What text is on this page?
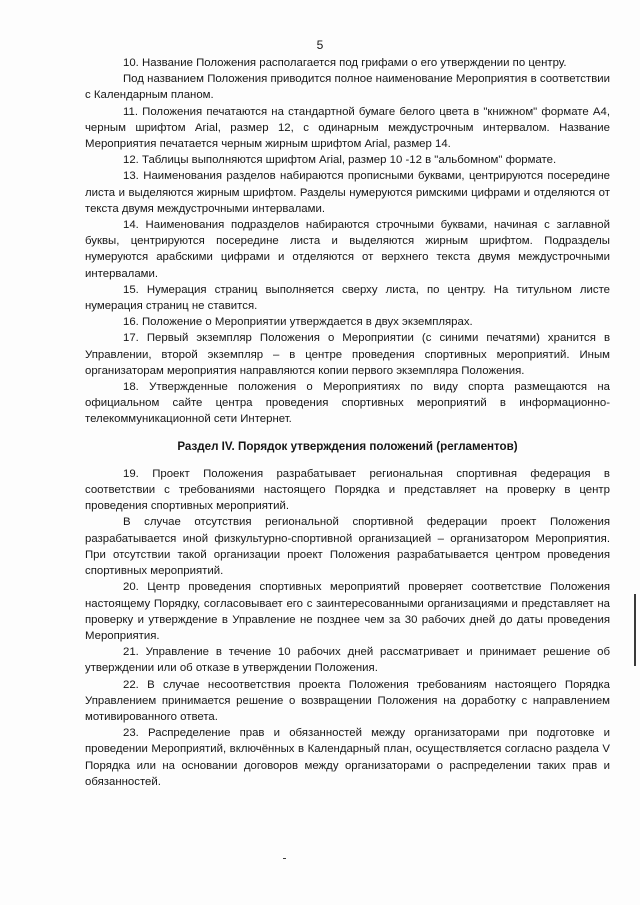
5

10. Название Положения располагается под грифами о его утверждении по центру.

Под названием Положения приводится полное наименование Мероприятия в соответствии с Календарным планом.

11. Положения печатаются на стандартной бумаге белого цвета в "книжном" формате А4, черным шрифтом Arial, размер 12, с одинарным междустрочным интервалом. Название Мероприятия печатается черным жирным шрифтом Arial, размер 14.

12. Таблицы выполняются шрифтом Arial, размер 10 -12 в "альбомном" формате.

13. Наименования разделов набираются прописными буквами, центрируются посередине листа и выделяются жирным шрифтом. Разделы нумеруются римскими цифрами и отделяются от текста двумя междустрочными интервалами.

14. Наименования подразделов набираются строчными буквами, начиная с заглавной буквы, центрируются посередине листа и выделяются жирным шрифтом. Подразделы нумеруются арабскими цифрами и отделяются от верхнего текста двумя междустрочными интервалами.

15. Нумерация страниц выполняется сверху листа, по центру. На титульном листе нумерация страниц не ставится.

16. Положение о Мероприятии утверждается в двух экземплярах.

17. Первый экземпляр Положения о Мероприятии (с синими печатями) хранится в Управлении, второй экземпляр – в центре проведения спортивных мероприятий. Иным организаторам мероприятия направляются копии первого экземпляра Положения.

18. Утвержденные положения о Мероприятиях по виду спорта размещаются на официальном сайте центра проведения спортивных мероприятий в информационно-телекоммуникационной сети Интернет.

Раздел IV. Порядок утверждения положений (регламентов)

19. Проект Положения разрабатывает региональная спортивная федерация в соответствии с требованиями настоящего Порядка и представляет на проверку в центр проведения спортивных мероприятий.

В случае отсутствия региональной спортивной федерации проект Положения разрабатывается иной физкультурно-спортивной организацией – организатором Мероприятия. При отсутствии такой организации проект Положения разрабатывается центром проведения спортивных мероприятий.

20. Центр проведения спортивных мероприятий проверяет соответствие Положения настоящему Порядку, согласовывает его с заинтересованными организациями и представляет на проверку и утверждение в Управление не позднее чем за 30 рабочих дней до даты проведения Мероприятия.

21. Управление в течение 10 рабочих дней рассматривает и принимает решение об утверждении или об отказе в утверждении Положения.

22. В случае несоответствия проекта Положения требованиям настоящего Порядка Управлением принимается решение о возвращении Положения на доработку с направлением мотивированного ответа.

23. Распределение прав и обязанностей между организаторами при подготовке и проведении Мероприятий, включённых в Календарный план, осуществляется согласно раздела V Порядка или на основании договоров между организаторами о распределении таких прав и обязанностей.
